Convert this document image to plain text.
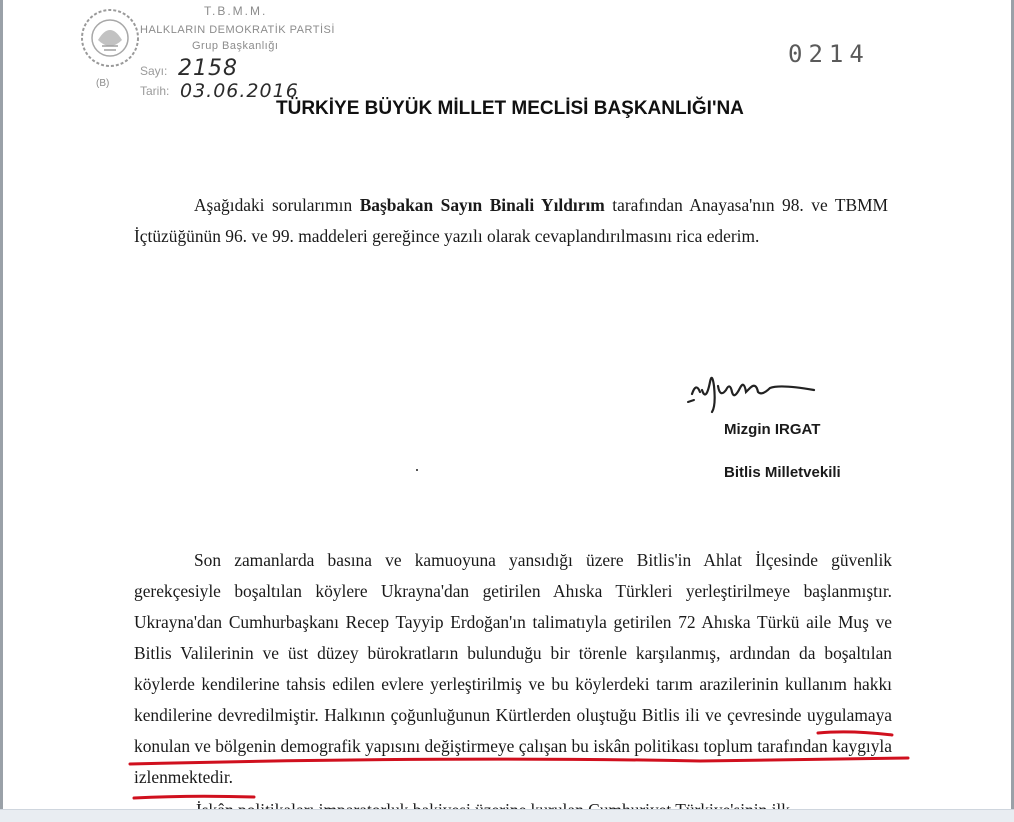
T.B.M.M.
HALKLARIN DEMOKRATİK PARTİSİ
Grup Başkanlığı
Sayı:
Tarih:
2158
03.06.2016
(B)
0214
TÜRKİYE BÜYÜK MİLLET MECLİSİ BAŞKANLIĞI'NA
Aşağıdaki sorularımın Başbakan Sayın Binali Yıldırım tarafından Anayasa'nın 98. ve TBMM İçtüzüğünün 96. ve 99. maddeleri gereğince yazılı olarak cevaplandırılmasını rica ederim.
Mizgin IRGAT
Bitlis Milletvekili
Son zamanlarda basına ve kamuoyuna yansıdığı üzere Bitlis'in Ahlat İlçesinde güvenlik gerekçesiyle boşaltılan köylere Ukrayna'dan getirilen Ahıska Türkleri yerleştirilmeye başlanmıştır. Ukrayna'dan Cumhurbaşkanı Recep Tayyip Erdoğan'ın talimatıyla getirilen 72 Ahıska Türkü aile Muş ve Bitlis Valilerinin ve üst düzey bürokratların bulunduğu bir törenle karşılanmış, ardından da boşaltılan köylerde kendilerine tahsis edilen evlere yerleştirilmiş ve bu köylerdeki tarım arazilerinin kullanım hakkı kendilerine devredilmiştir. Halkının çoğunluğunun Kürtlerden oluştuğu Bitlis ili ve çevresinde uygulamaya konulan ve bölgenin demografik yapısını değiştirmeye çalışan bu iskân politikası toplum tarafından kaygıyla izlenmektedir.
